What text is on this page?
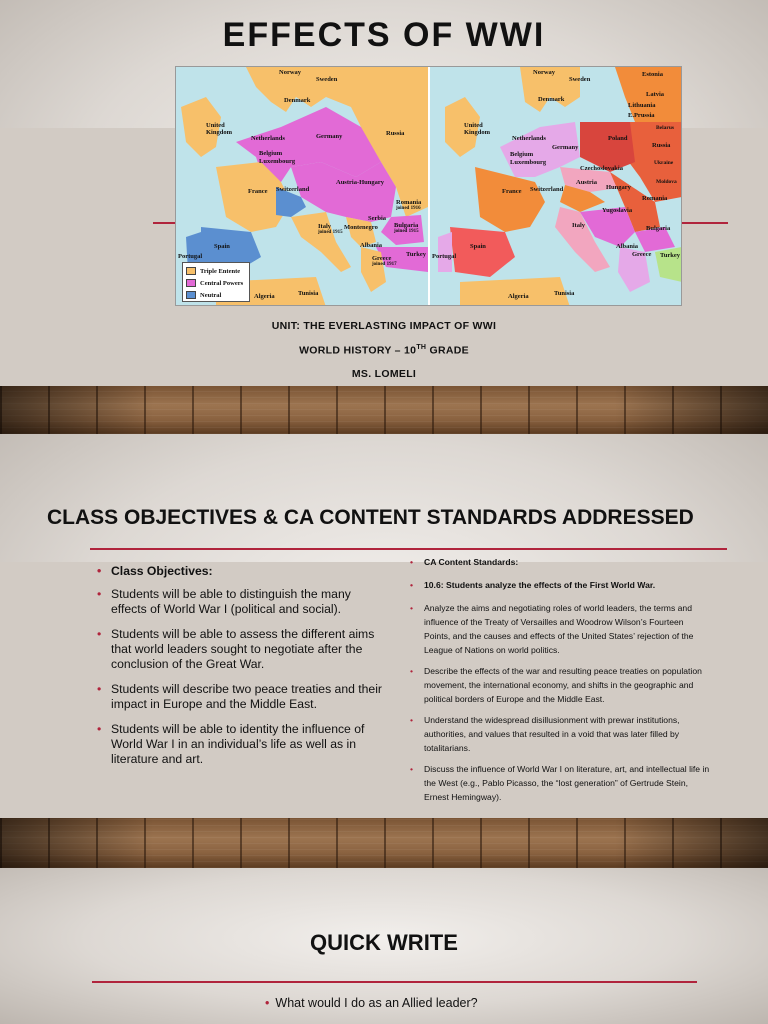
EFFECTS OF WWI
Norway
Sweden
Denmark
United Kingdom
Netherlands	Germany	Russia
Belgium
Luxembourg
France Switzerland
Austria-Hungary
Romania
joined 1916
Serbia
Montenegro Bulgaria
joined 1915
Italy
joined 1915
Albania
Greece
joined 1917
Turkey
Spain
Portugal
Algeria	Tunisia
Norway
Sweden
Estonia
Latvia
Lithuania
E.Prussia
Denmark
United Kingdom
Netherlands
Germany
Poland
Belarus
Russia
Belgium
Luxembourg
Czechoslovakia
Ukraine
Austria
Hungary
France Switzerland
Moldova
Romania
Yugoslavia
Italy	Bulgaria
Albania
Greece Turkey
Spain
Portugal
Algeria	Tunisia
Triple Entente
Central Powers
Neutral
UNIT: THE EVERLASTING IMPACT OF WWI
WORLD HISTORY – 10TH GRADE
MS. LOMELI
CLASS OBJECTIVES & CA CONTENT STANDARDS ADDRESSED
• Class Objectives:
• Students will be able to distinguish the many effects of World War I (political and social).
• Students will be able to assess the different aims that world leaders sought to negotiate after the conclusion of the Great War.
• Students will describe two peace treaties and their impact in Europe and the Middle East.
• Students will be able to identity the influence of World War I in an individual’s life as well as in literature and art.
• CA Content Standards:
• 10.6: Students analyze the effects of the First World War.
• Analyze the aims and negotiating roles of world leaders, the terms and influence of the Treaty of Versailles and Woodrow Wilson’s Fourteen Points, and the causes and effects of the United States’ rejection of the League of Nations on world politics.
• Describe the effects of the war and resulting peace treaties on population movement, the international economy, and shifts in the geographic and political borders of Europe and the Middle East.
• Understand the widespread disillusionment with prewar institutions, authorities, and values that resulted in a void that was later filled by totalitarians.
• Discuss the influence of World War I on literature, art, and intellectual life in the West (e.g., Pablo Picasso, the “lost generation” of Gertrude Stein, Ernest Hemingway).
QUICK WRITE
• What would I do as an Allied leader?
